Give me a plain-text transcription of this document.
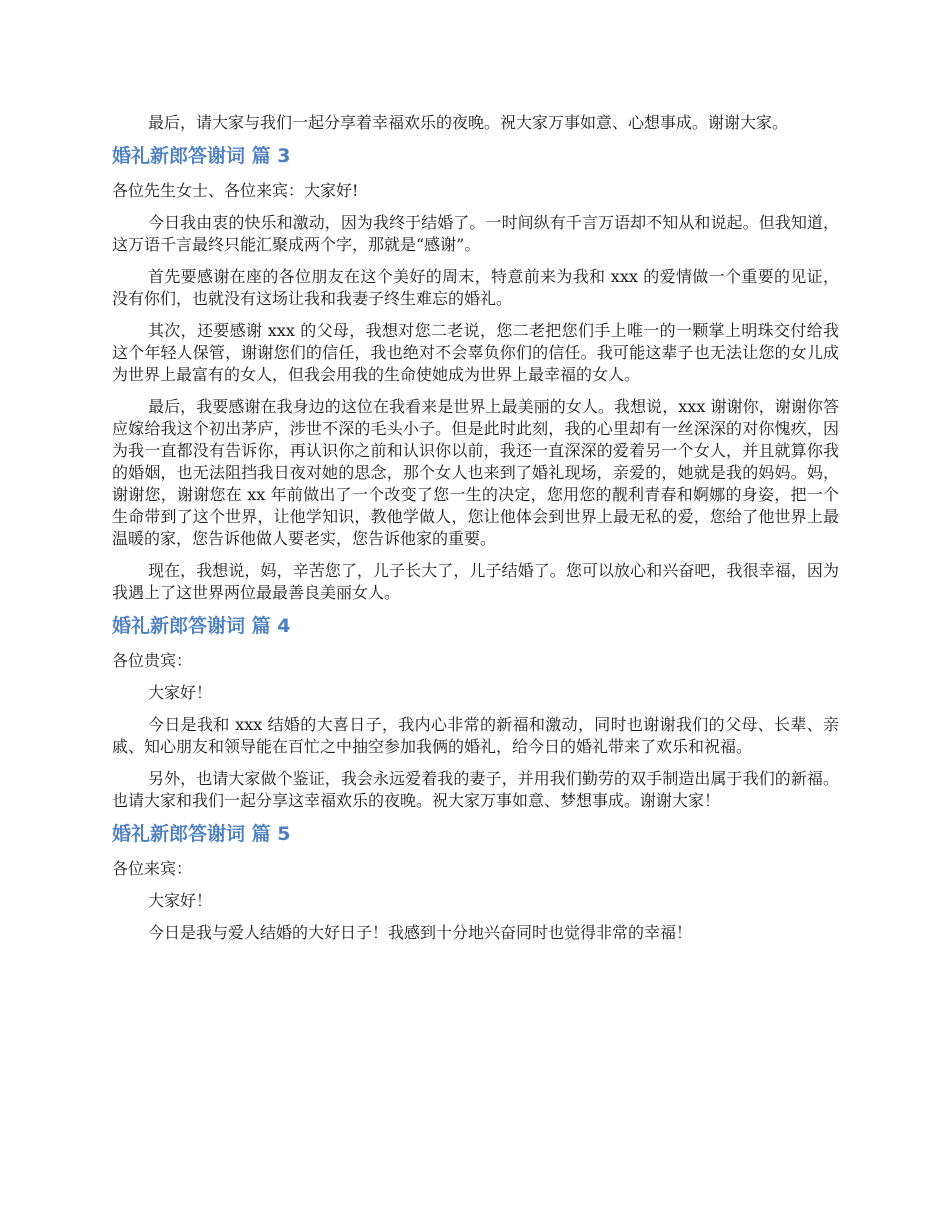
最后，请大家与我们一起分享着幸福欢乐的夜晚。祝大家万事如意、心想事成。谢谢大家。

婚礼新郎答谢词 篇 3

各位先生女士、各位来宾：大家好!

今日我由衷的快乐和激动，因为我终于结婚了。一时间纵有千言万语却不知从和说起。但我知道，这万语千言最终只能汇聚成两个字，那就是“感谢”。

首先要感谢在座的各位朋友在这个美好的周末，特意前来为我和 xxx 的爱情做一个重要的见证，没有你们，也就没有这场让我和我妻子终生难忘的婚礼。

其次，还要感谢 xxx 的父母，我想对您二老说，您二老把您们手上唯一的一颗掌上明珠交付给我这个年轻人保管，谢谢您们的信任，我也绝对不会辜负你们的信任。我可能这辈子也无法让您的女儿成为世界上最富有的女人，但我会用我的生命使她成为世界上最幸福的女人。

最后，我要感谢在我身边的这位在我看来是世界上最美丽的女人。我想说，xxx 谢谢你，谢谢你答应嫁给我这个初出茅庐，涉世不深的毛头小子。但是此时此刻，我的心里却有一丝深深的对你愧疚，因为我一直都没有告诉你，再认识你之前和认识你以前，我还一直深深的爱着另一个女人，并且就算你我的婚姻，也无法阻挡我日夜对她的思念，那个女人也来到了婚礼现场，亲爱的，她就是我的妈妈。妈，谢谢您，谢谢您在 xx 年前做出了一个改变了您一生的决定，您用您的靓利青春和婀娜的身姿，把一个生命带到了这个世界，让他学知识，教他学做人，您让他体会到世界上最无私的爱，您给了他世界上最温暖的家，您告诉他做人要老实，您告诉他家的重要。

现在，我想说，妈，辛苦您了，儿子长大了，儿子结婚了。您可以放心和兴奋吧，我很幸福，因为我遇上了这世界两位最最善良美丽女人。

婚礼新郎答谢词 篇 4

各位贵宾：

大家好！

今日是我和 xxx 结婚的大喜日子，我内心非常的新福和激动，同时也谢谢我们的父母、长辈、亲戚、知心朋友和领导能在百忙之中抽空参加我俩的婚礼，给今日的婚礼带来了欢乐和祝福。

另外，也请大家做个鉴证，我会永远爱着我的妻子，并用我们勤劳的双手制造出属于我们的新福。也请大家和我们一起分享这幸福欢乐的夜晚。祝大家万事如意、梦想事成。谢谢大家！

婚礼新郎答谢词 篇 5

各位来宾：

大家好！

今日是我与爱人结婚的大好日子！我感到十分地兴奋同时也觉得非常的幸福！
